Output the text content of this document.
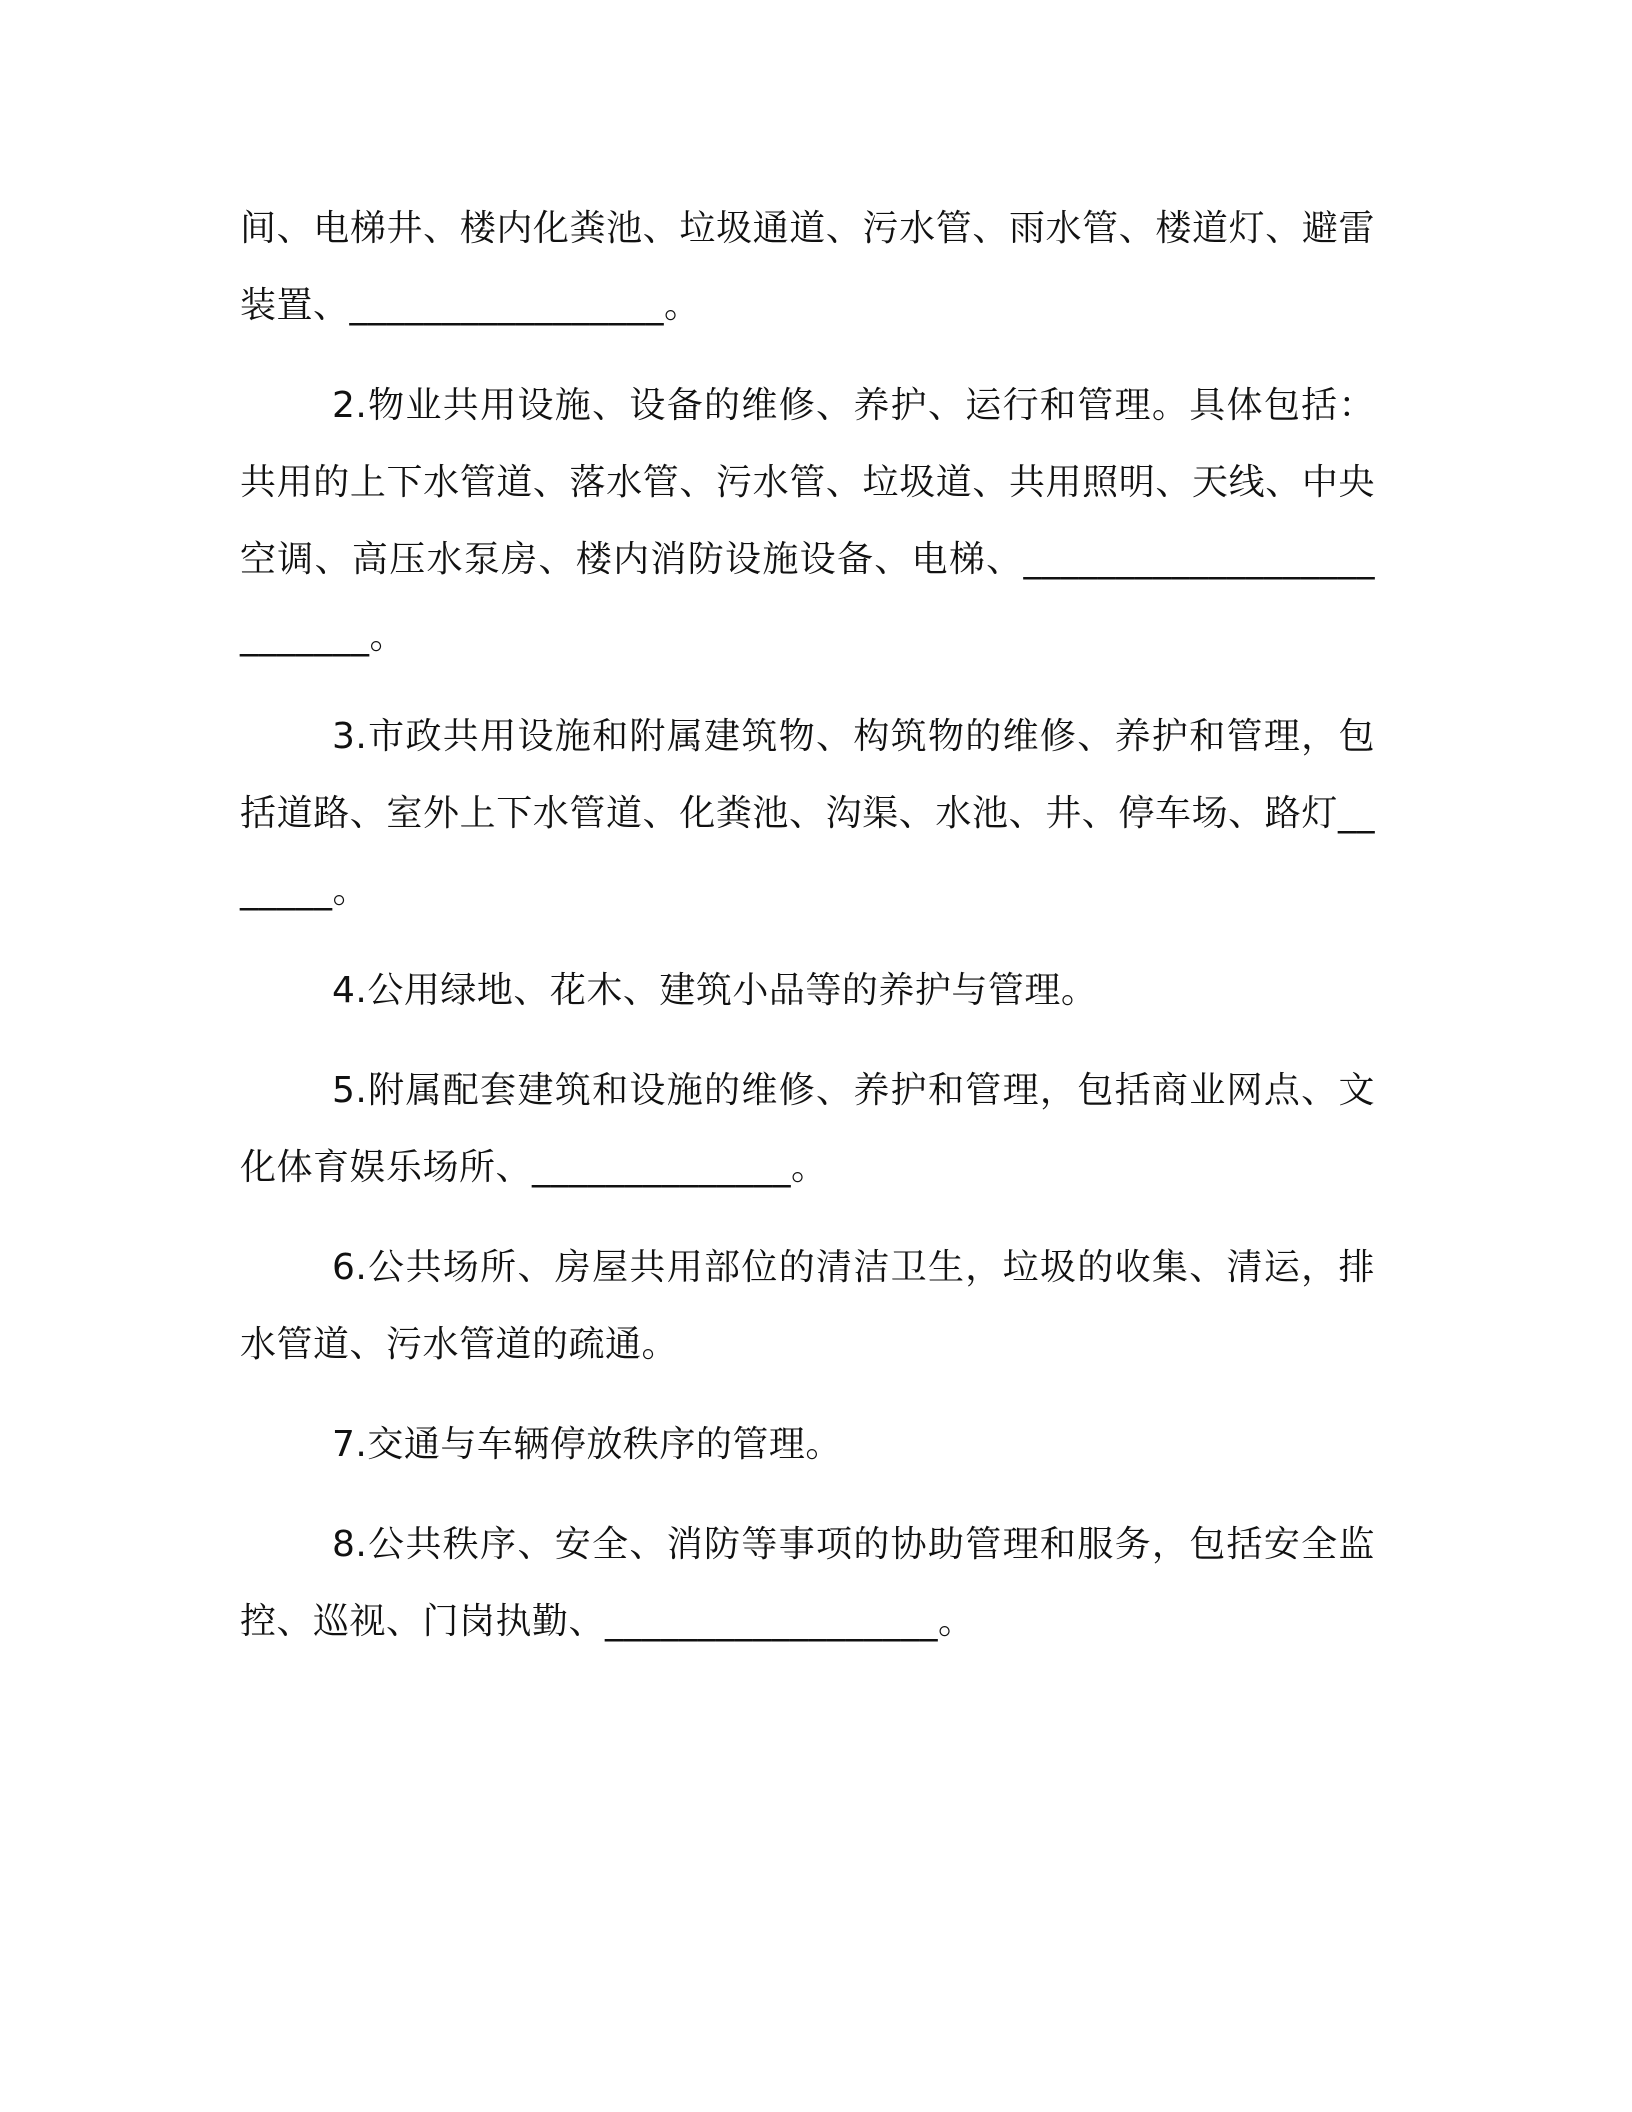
间、电梯井、楼内化粪池、垃圾通道、污水管、雨水管、楼道灯、避雷装置、_________________。

2.物业共用设施、设备的维修、养护、运行和管理。具体包括：共用的上下水管道、落水管、污水管、垃圾道、共用照明、天线、中央空调、高压水泵房、楼内消防设施设备、电梯、__________________________。

3.市政共用设施和附属建筑物、构筑物的维修、养护和管理，包括道路、室外上下水管道、化粪池、沟渠、水池、井、停车场、路灯_______。

4.公用绿地、花木、建筑小品等的养护与管理。

5.附属配套建筑和设施的维修、养护和管理，包括商业网点、文化体育娱乐场所、______________。

6.公共场所、房屋共用部位的清洁卫生，垃圾的收集、清运，排水管道、污水管道的疏通。

7.交通与车辆停放秩序的管理。

8.公共秩序、安全、消防等事项的协助管理和服务，包括安全监控、巡视、门岗执勤、__________________。
